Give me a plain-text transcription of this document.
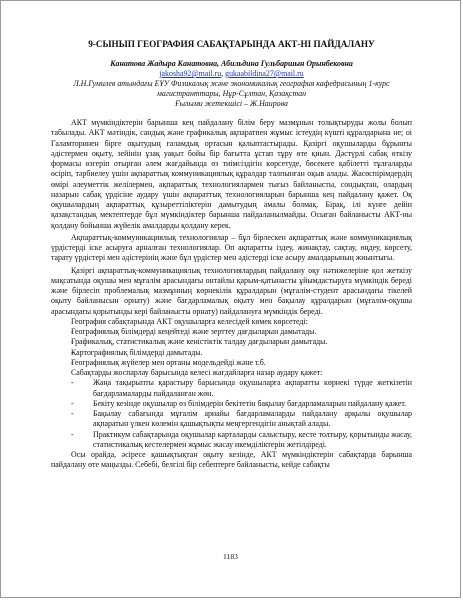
9-СЫНЫП ГЕОГРАФИЯ САБАҚТАРЫНДА АКТ-НІ ПАЙДАЛАНУ
Канатова Жадыра Канатовна, Абильдина Гульбаршын Орынбековна
jakosha92@mail.ru, gukaabildina27@mail.ru
Л.Н.Гумилев атындағы ЕҰУ Физикалық және экономикалық география кафедрасының 1-курс магистранттары, Нұр-Сұлтан, Қазақстан
Ғылыми жетекшісі – Ж.Наирова

АКТ мүмкіндіктерін барынша кең пайдалану білім беру мазмұнын толықтыруды жолы болып табылады. АКТ мәтіндік, сандық және графикалық ақпаратпен жұмыс істеудің күшті құралдарына не; оі Галамторинен біргe оқытудың ғаламдық ортасын қалыптастырады. Қазіргі оқушыларды бұрынғы әдістермен оқыту, зейінін ұзақ уақыт бойы бір бағытта ұстап тұру өте қиын. Дәстүрлі сабақ өткізу формасы өзгеріп отырған әлем жағдайында өз тиімсіздігін көрсетуде, бөсекеге қабілетті тұлғаларды өсіріп, тәрбиелеу үшін ақпараттық коммуникациялық құралдар талпынған оқыв алады. Жасөспірімдердің өмірі әлеуметтік желілермен, ақпараттық технологиялармен тығыз байланысты, сондықтан, олардың назарын сабақ үрдісіне аудару үшін ақпараттық технологияларын барынша кең пайдалану қажет. Оқ оқушылардың ақпараттық құзыреттіліктерін дамытудың амалы болмақ. Бірақ, ілі күнге дейін қазақстандық мектептерде бұл мүмкіндіктер барынша пайдаланылмайды. Осыған байланысты АКТ-ны қолдану бойынша жүйелік амалдарды қолдану керек.

Ақпараттық-коммуникациялық технологиялар – бұл бірлескен ақпараттық және коммуникациялық үрдістерді іске асыруға арналған технологиялар. Оп ақпаратты іздеу, жинақтау, сақтау, өңдеу, көрсету, тарату үрдістері мен әдістерінің және бұл үрдістер мен әдістерді іске асыру амалдарының жиынтығы.

Қазіргі ақпараттық-коммуникациялық технологиялардың пайдалану оқу нәтижелеріне қол жеткізу мақсатында оқушы мен мұғалім арасындағы онтайлы қарым-қатынасты ұйымдастыруға мүмкіндік береді және бірлесіп проблемалық мазмұнның көрнекілік құралдарын (мұғалім-студент арасындағы тікелей оқыту байланысын орнату) және бағдарламалық оқыту мен бақылау құралдарын (мұғалім-оқушы арасындағы қорытынды кері байланысты орнату) пайдалануға мүмкіндік береді.

География сабақтарында АКТ оқушыларға келесідей көмек көрсетеді:

- Географиялық білімдерді кеңейтеді және зерттеу дағдыларын дамытады.
- Графикалық, статистикалық және кеністіктік талдау дағдыларын дамытады.
- Картографиялық білімдерді дамытады.
- Географиялық жүйелер мен ортаны модельдейді және т.б.

Сабақтарды жоспарлау барысында келесі жағдайларға назар аудару қажет:

- Жаңа тақырыпты қарастыру барысында оқушыларға ақпаратты көрнекі түрде жеткізетін бағдарламаларды пайдаланған жөн.
- Бекіту кезінде оқушылар өз білімдерін бекітетін бақылау бағдарламаларын пайдалану қажет.
- Бақылау сабағында мұғалім арнайы бағдарламаларды пайдалану арқылы оқушылар ақпаратын үлкен көлемін қашықтықты меңгергендігін анықтай алады.
- Практикум сабақтарында оқушылар карталарды салыстыру, кесте толтыру, қорытынды жасау, статистикалық кестелермен жұмыс жасау икемділіктерін жетілдіреді.

Осы орайда, әсіресе қашықтықтан оқыту кезінде, АКТ мүмкіндіктерін сабақтарда барынша пайдалану өте маңызды. Себебі, белгілі бір себептерге байланысты, кейде сабақты

1183
